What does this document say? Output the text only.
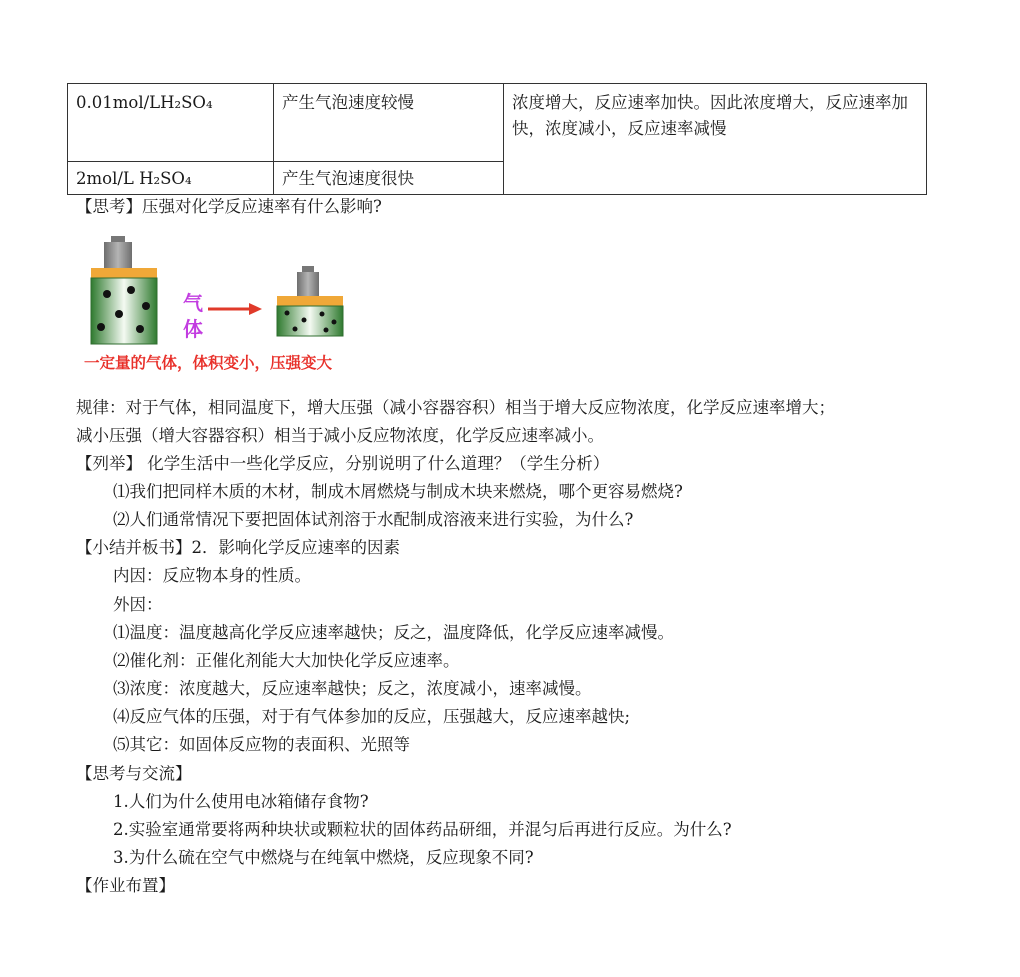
0.01mol/LH₂SO₄	产生气泡速度较慢	浓度增大，反应速率加快。因此浓度增大，反应速率加快，浓度减小，反应速率减慢
2mol/L H₂SO₄	产生气泡速度很快	
【思考】压强对化学反应速率有什么影响?
气
体
一定量的气体，体积变小，压强变大
规律：对于气体，相同温度下，增大压强（减小容器容积）相当于增大反应物浓度，化学反应速率增大；
减小压强（增大容器容积）相当于减小反应物浓度，化学反应速率减小。
【列举】 化学生活中一些化学反应，分别说明了什么道理？（学生分析）
⑴我们把同样木质的木材，制成木屑燃烧与制成木块来燃烧，哪个更容易燃烧?
⑵人们通常情况下要把固体试剂溶于水配制成溶液来进行实验，为什么?
【小结并板书】2．影响化学反应速率的因素
内因：反应物本身的性质。
外因：
⑴温度：温度越高化学反应速率越快；反之，温度降低，化学反应速率减慢。
⑵催化剂：正催化剂能大大加快化学反应速率。
⑶浓度：浓度越大，反应速率越快；反之，浓度减小，速率减慢。
⑷反应气体的压强，对于有气体参加的反应，压强越大，反应速率越快;
⑸其它：如固体反应物的表面积、光照等
【思考与交流】
1.人们为什么使用电冰箱储存食物?
2.实验室通常要将两种块状或颗粒状的固体药品研细，并混匀后再进行反应。为什么?
3.为什么硫在空气中燃烧与在纯氧中燃烧，反应现象不同?
【作业布置】
